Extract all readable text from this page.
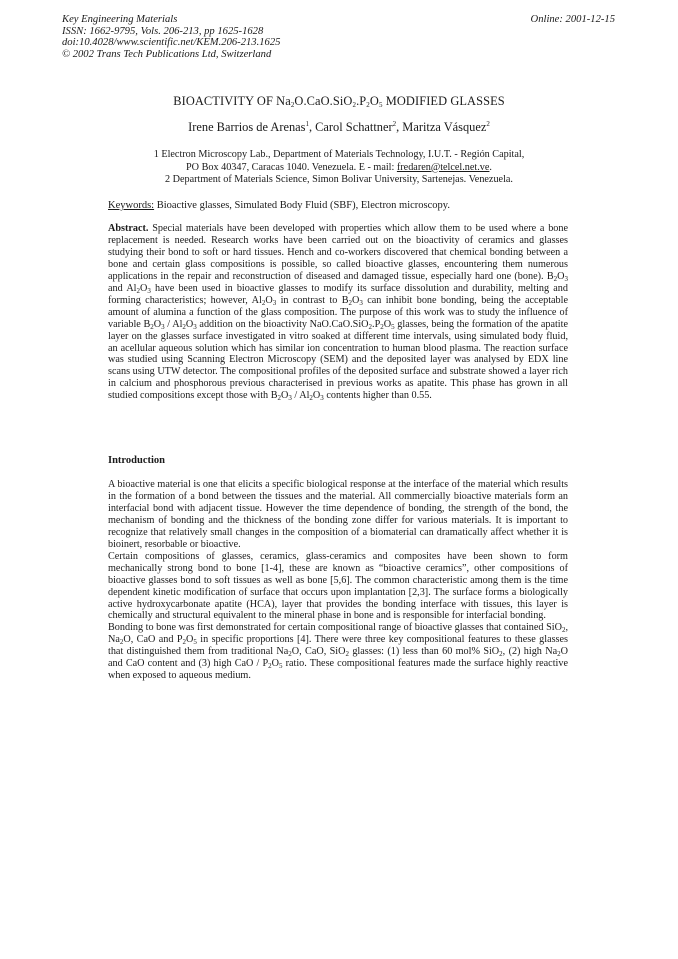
Key Engineering Materials
ISSN: 1662-9795, Vols. 206-213, pp 1625-1628
doi:10.4028/www.scientific.net/KEM.206-213.1625
© 2002 Trans Tech Publications Ltd, Switzerland
Online: 2001-12-15
BIOACTIVITY OF $Na_2O.CaO.SiO_2.P_2O_5$ MODIFIED GLASSES
Irene Barrios de Arenas$^1$, Carol Schattner$^2$, Maritza Vásquez$^2$
1 Electron Microscopy Lab., Department of Materials Technology, I.U.T. - Región Capital,
PO Box 40347, Caracas 1040. Venezuela. E - mail: fredaren@telcel.net.ve.
2 Department of Materials Science, Simon Bolivar University, Sartenejas. Venezuela.
Keywords: Bioactive glasses, Simulated Body Fluid (SBF), Electron microscopy.

Abstract. Special materials have been developed with properties which allow them to be used where a bone replacement is needed. Research works have been carried out on the bioactivity of ceramics and glasses studying their bond to soft or hard tissues. Hench and co-workers discovered that chemical bonding between a bone and certain glass compositions is possible, so called bioactive glasses, encountering them numerous applications in the repair and reconstruction of diseased and damaged tissue, especially hard one (bone). $B_2O_3$ and $Al_2O_3$ have been used in bioactive glasses to modify its surface dissolution and durability, melting and forming characteristics; however, $Al_2O_3$ in contrast to $B_2O_3$ can inhibit bone bonding, being the acceptable amount of alumina a function of the glass composition. The purpose of this work was to study the influence of variable $B_2O_3 / Al_2O_3$ addition on the bioactivity $NaO.CaO.SiO_2.P_2O_5$ glasses, being the formation of the apatite layer on the glasses surface investigated in vitro soaked at different time intervals, using simulated body fluid, an acellular aqueous solution which has similar ion concentration to human blood plasma. The reaction surface was studied using Scanning Electron Microscopy (SEM) and the deposited layer was analysed by EDX line scans using UTW detector. The compositional profiles of the deposited surface and substrate showed a layer rich in calcium and phosphorous previous characterised in previous works as apatite. This phase has grown in all studied compositions except those with $B_2O_3 / Al_2O_3$ contents higher than 0.55.

Introduction

A bioactive material is one that elicits a specific biological response at the interface of the material which results in the formation of a bond between the tissues and the material. All commercially bioactive materials form an interfacial bond with adjacent tissue. However the time dependence of bonding, the strength of the bond, the mechanism of bonding and the thickness of the bonding zone differ for various materials. It is important to recognize that relatively small changes in the composition of a biomaterial can dramatically affect whether it is bioinert, resorbable or bioactive.

Certain compositions of glasses, ceramics, glass-ceramics and composites have been shown to form mechanically strong bond to bone [1-4], these are known as “bioactive ceramics”, other compositions of bioactive glasses bond to soft tissues as well as bone [5,6]. The common characteristic among them is the time dependent kinetic modification of surface that occurs upon implantation [2,3]. The surface forms a biologically active hydroxycarbonate apatite (HCA), layer that provides the bonding interface with tissues, this layer is chemically and structural equivalent to the mineral phase in bone and is responsible for interfacial bonding.

Bonding to bone was first demonstrated for certain compositional range of bioactive glasses that contained SiO$_2$, $Na_2O$, CaO and $P_2O_5$ in specific proportions [4]. There were three key compositional features to these glasses that distinguished them from traditional $Na_2O$, CaO, SiO$_2$ glasses: (1) less than 60 mol% SiO$_2$, (2) high $Na_2O$ and CaO content and (3) high CaO / $P_2O_5$ ratio. These compositional features made the surface highly reactive when exposed to aqueous medium.
